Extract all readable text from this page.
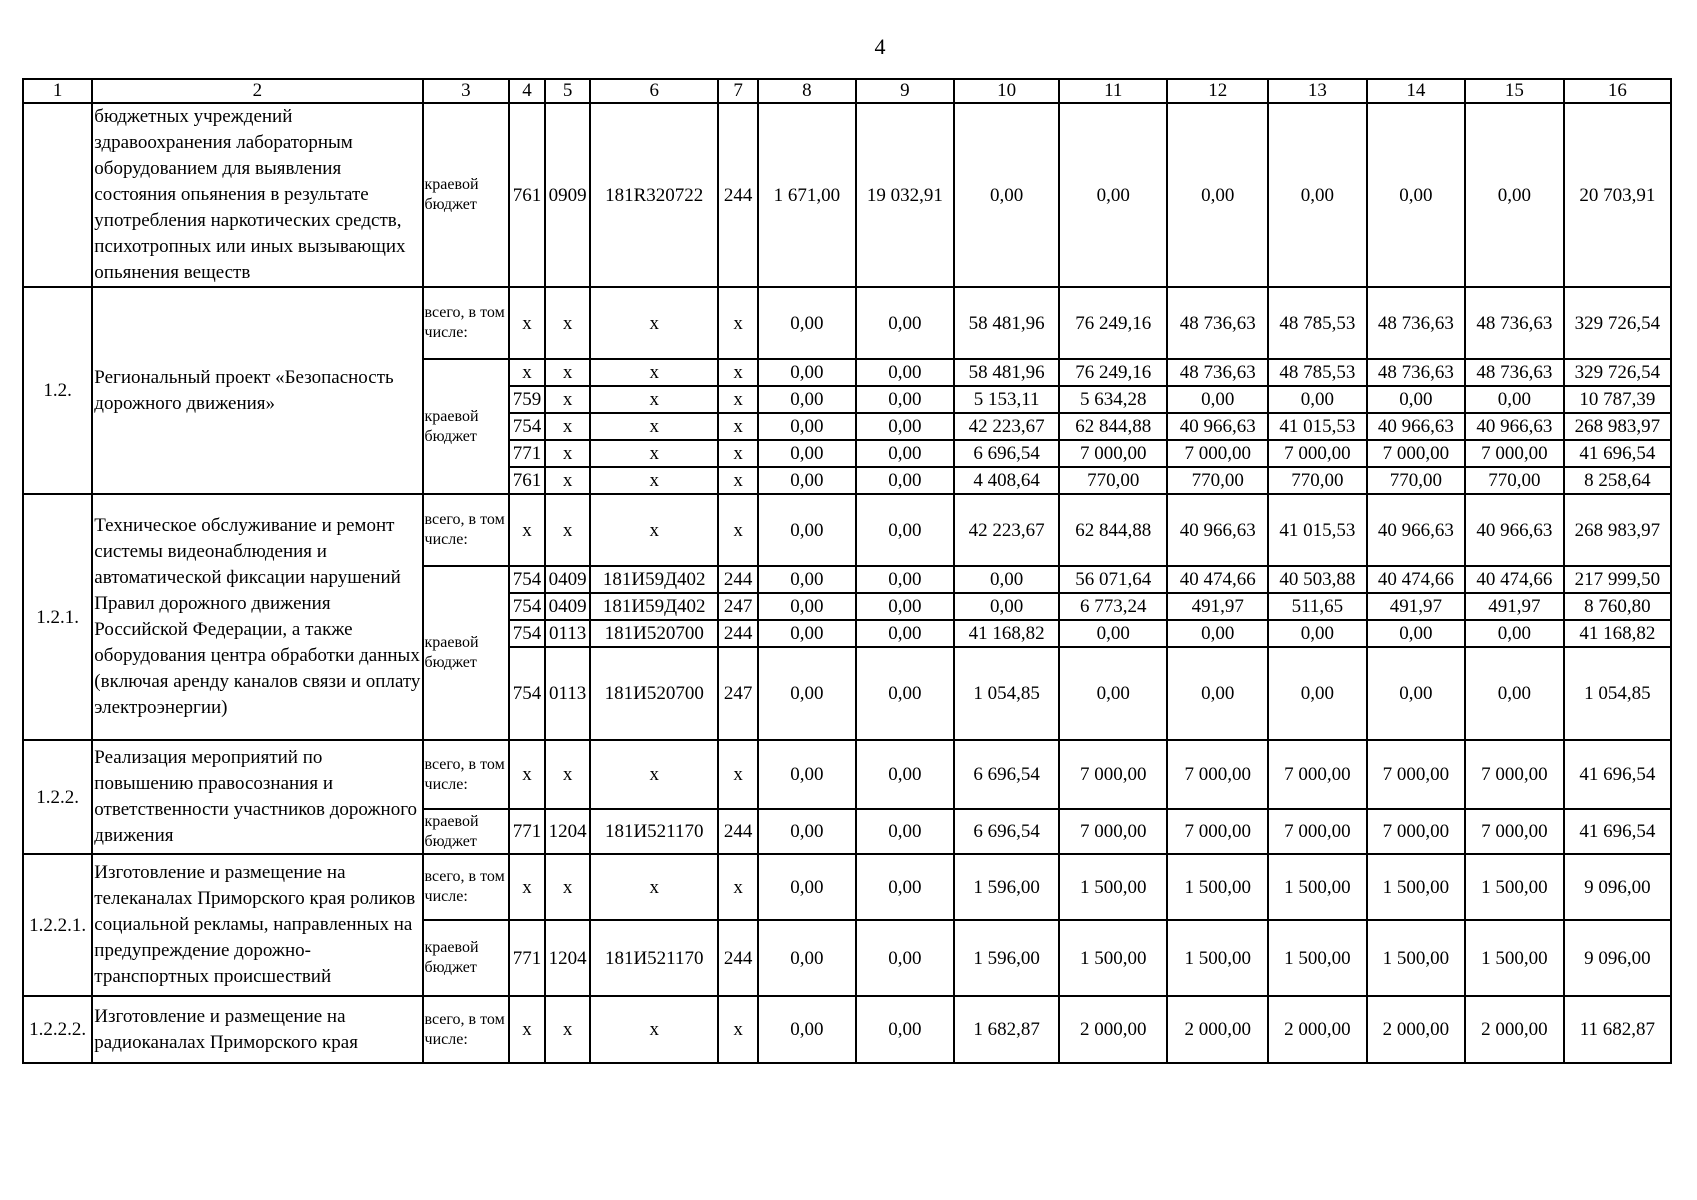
4
1	2	3	4	5	6	7	8	9	10	11	12	13	14	15	16
	бюджетных учреждений здравоохранения лабораторным оборудованием для выявления состояния опьянения в результате употребления наркотических средств, психотропных или иных вызывающих опьянения веществ	краевой бюджет	761	0909	181R320722	244	1 671,00	19 032,91	0,00	0,00	0,00	0,00	0,00	0,00	20 703,91
1.2.	Региональный проект «Безопасность дорожного движения»	всего, в том числе:	x	x	x	x	0,00	0,00	58 481,96	76 249,16	48 736,63	48 785,53	48 736,63	48 736,63	329 726,54
		краевой бюджет	x	x	x	x	0,00	0,00	58 481,96	76 249,16	48 736,63	48 785,53	48 736,63	48 736,63	329 726,54
			759	x	x	x	0,00	0,00	5 153,11	5 634,28	0,00	0,00	0,00	0,00	10 787,39
			754	x	x	x	0,00	0,00	42 223,67	62 844,88	40 966,63	41 015,53	40 966,63	40 966,63	268 983,97
			771	x	x	x	0,00	0,00	6 696,54	7 000,00	7 000,00	7 000,00	7 000,00	7 000,00	41 696,54
			761	x	x	x	0,00	0,00	4 408,64	770,00	770,00	770,00	770,00	770,00	8 258,64
1.2.1.	Техническое обслуживание и ремонт системы видеонаблюдения и автоматической фиксации нарушений Правил дорожного движения Российской Федерации, а также оборудования центра обработки данных (включая аренду каналов связи и оплату электроэнергии)	всего, в том числе:	x	x	x	x	0,00	0,00	42 223,67	62 844,88	40 966,63	41 015,53	40 966,63	40 966,63	268 983,97
		краевой бюджет	754	0409	181И59Д402	244	0,00	0,00	0,00	56 071,64	40 474,66	40 503,88	40 474,66	40 474,66	217 999,50
			754	0409	181И59Д402	247	0,00	0,00	0,00	6 773,24	491,97	511,65	491,97	491,97	8 760,80
			754	0113	181И520700	244	0,00	0,00	41 168,82	0,00	0,00	0,00	0,00	0,00	41 168,82
			754	0113	181И520700	247	0,00	0,00	1 054,85	0,00	0,00	0,00	0,00	0,00	1 054,85
1.2.2.	Реализация мероприятий по повышению правосознания и ответственности участников дорожного движения	всего, в том числе:	x	x	x	x	0,00	0,00	6 696,54	7 000,00	7 000,00	7 000,00	7 000,00	7 000,00	41 696,54
		краевой бюджет	771	1204	181И521170	244	0,00	0,00	6 696,54	7 000,00	7 000,00	7 000,00	7 000,00	7 000,00	41 696,54
1.2.2.1.	Изготовление и размещение на телеканалах Приморского края роликов социальной рекламы, направленных на предупреждение дорожно-транспортных происшествий	всего, в том числе:	x	x	x	x	0,00	0,00	1 596,00	1 500,00	1 500,00	1 500,00	1 500,00	1 500,00	9 096,00
		краевой бюджет	771	1204	181И521170	244	0,00	0,00	1 596,00	1 500,00	1 500,00	1 500,00	1 500,00	1 500,00	9 096,00
1.2.2.2.	Изготовление и размещение на радиоканалах Приморского края	всего, в том числе:	x	x	x	x	0,00	0,00	1 682,87	2 000,00	2 000,00	2 000,00	2 000,00	2 000,00	11 682,87
